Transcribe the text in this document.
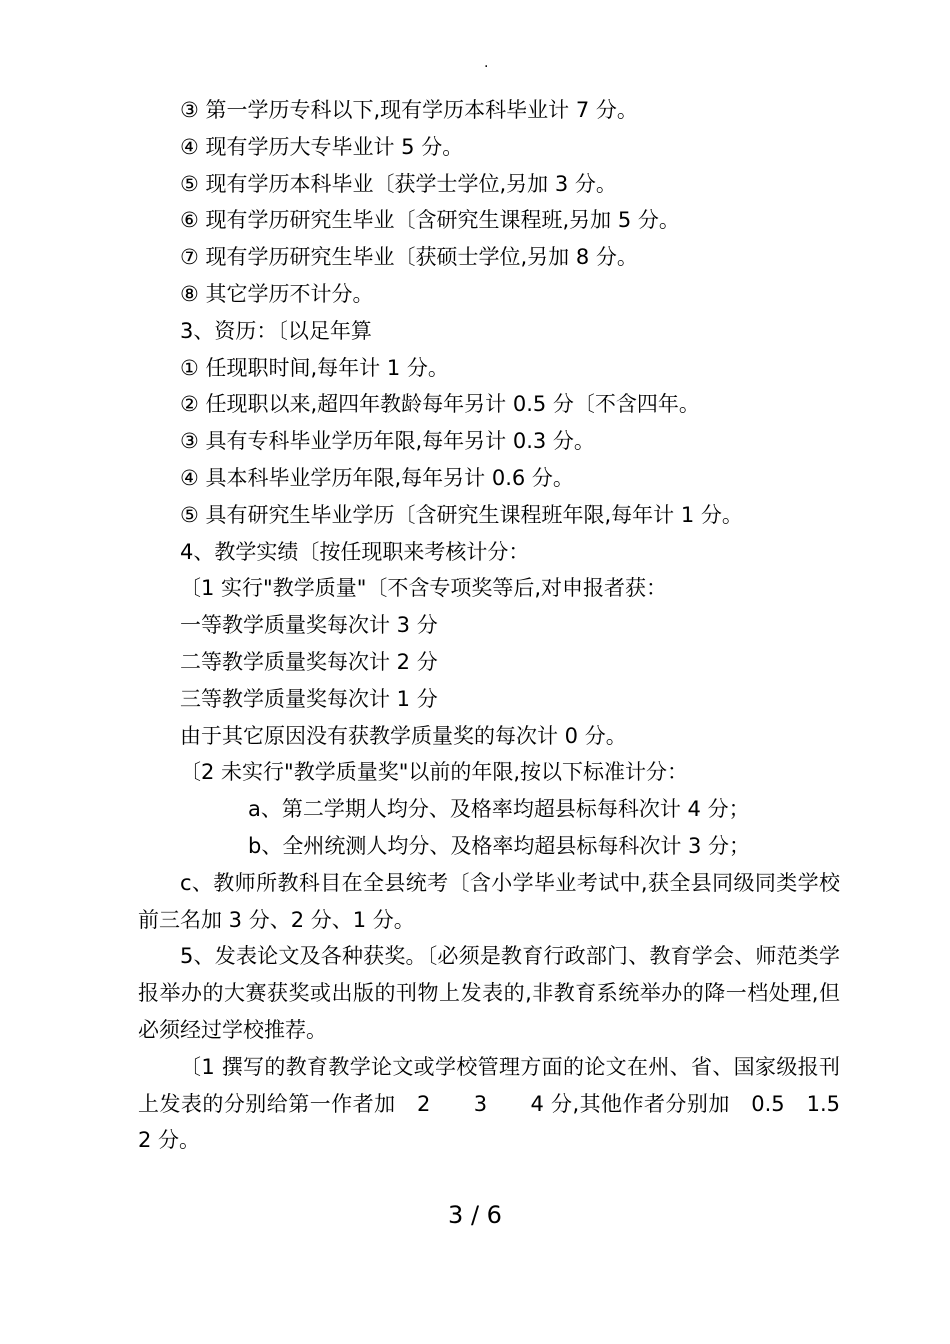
.
③ 第一学历专科以下,现有学历本科毕业计 7 分。
④ 现有学历大专毕业计 5 分。
⑤ 现有学历本科毕业〔获学士学位,另加 3 分。
⑥ 现有学历研究生毕业〔含研究生课程班,另加 5 分。
⑦ 现有学历研究生毕业〔获硕士学位,另加 8 分。
⑧ 其它学历不计分。
3、资历：〔以足年算
① 任现职时间,每年计 1 分。
② 任现职以来,超四年教龄每年另计 0.5 分〔不含四年。
③ 具有专科毕业学历年限,每年另计 0.3 分。
④ 具本科毕业学历年限,每年另计 0.6 分。
⑤ 具有研究生毕业学历〔含研究生课程班年限,每年计 1 分。
4、教学实绩〔按任现职来考核计分：
〔1 实行"教学质量"〔不含专项奖等后,对申报者获：
一等教学质量奖每次计 3 分
二等教学质量奖每次计 2 分
三等教学质量奖每次计 1 分
由于其它原因没有获教学质量奖的每次计 0 分。
〔2 未实行"教学质量奖"以前的年限,按以下标准计分：
a、第二学期人均分、及格率均超县标每科次计 4 分；
b、全州统测人均分、及格率均超县标每科次计 3 分；
c、教师所教科目在全县统考〔含小学毕业考试中,获全县同级同类学校前三名加 3 分、2 分、1 分。
5、发表论文及各种获奖。〔必须是教育行政部门、教育学会、师范类学报举办的大赛获奖或出版的刊物上发表的,非教育系统举办的降一档处理,但必须经过学校推荐。
〔1 撰写的教育教学论文或学校管理方面的论文在州、省、国家级报刊上发表的分别给第一作者加　2　　3　　4 分,其他作者分别加　0.5　1.5　　2 分。
3 / 6
